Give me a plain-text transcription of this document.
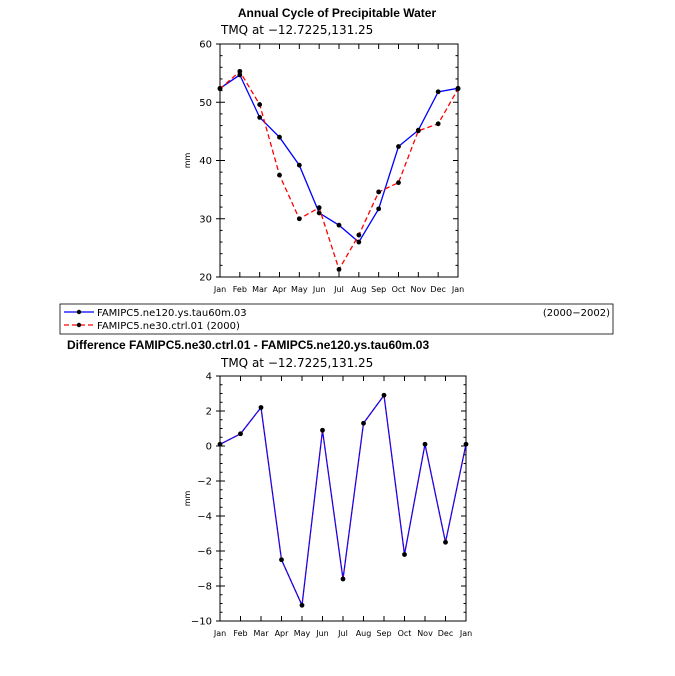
Annual Cycle of Precipitable Water
TMQ at −12.7225,131.25
20
30
40
50
60
Jan Feb Mar Apr May Jun Jul Aug Sep Oct Nov Dec Jan
mm
FAMIPC5.ne120.ys.tau60m.03	(2000−2002)
FAMIPC5.ne30.ctrl.01 (2000)
Difference FAMIPC5.ne30.ctrl.01 - FAMIPC5.ne120.ys.tau60m.03
TMQ at −12.7225,131.25
−10
−8
−6
−4
−2
0
2
4
Jan Feb Mar Apr May Jun Jul Aug Sep Oct Nov Dec Jan
mm
